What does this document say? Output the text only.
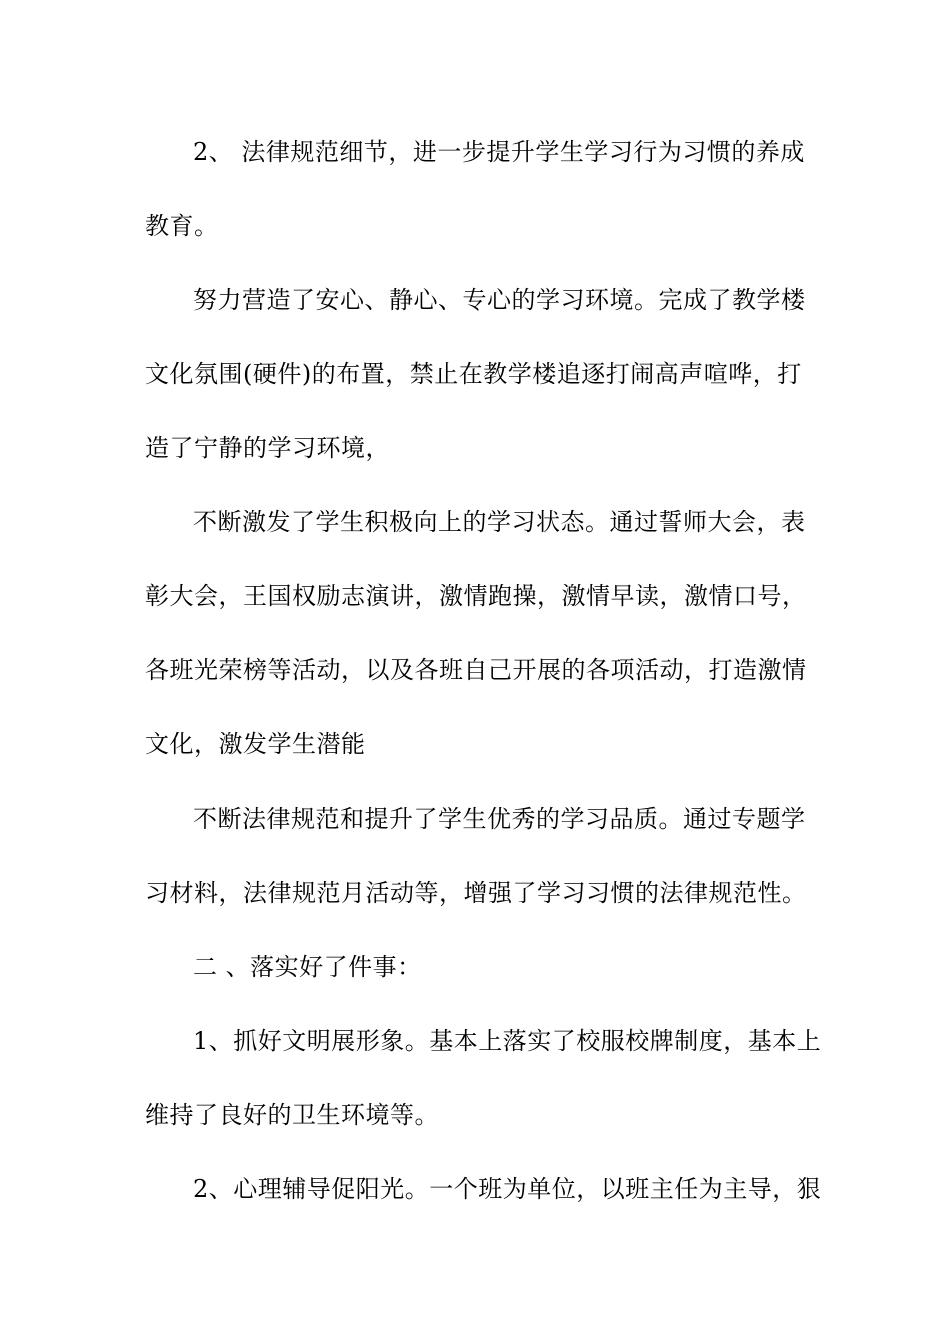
2、 法律规范细节，进一步提升学生学习行为习惯的养成
教育。
努力营造了安心、静心、专心的学习环境。完成了教学楼
文化氛围(硬件)的布置，禁止在教学楼追逐打闹高声喧哗，打
造了宁静的学习环境，
不断激发了学生积极向上的学习状态。通过誓师大会，表
彰大会，王国权励志演讲，激情跑操，激情早读，激情口号，
各班光荣榜等活动，以及各班自己开展的各项活动，打造激情
文化，激发学生潜能
不断法律规范和提升了学生优秀的学习品质。通过专题学
习材料，法律规范月活动等，增强了学习习惯的法律规范性。
二 、落实好了件事：
1、抓好文明展形象。基本上落实了校服校牌制度，基本上
维持了良好的卫生环境等。
2、心理辅导促阳光。一个班为单位，以班主任为主导，狠
